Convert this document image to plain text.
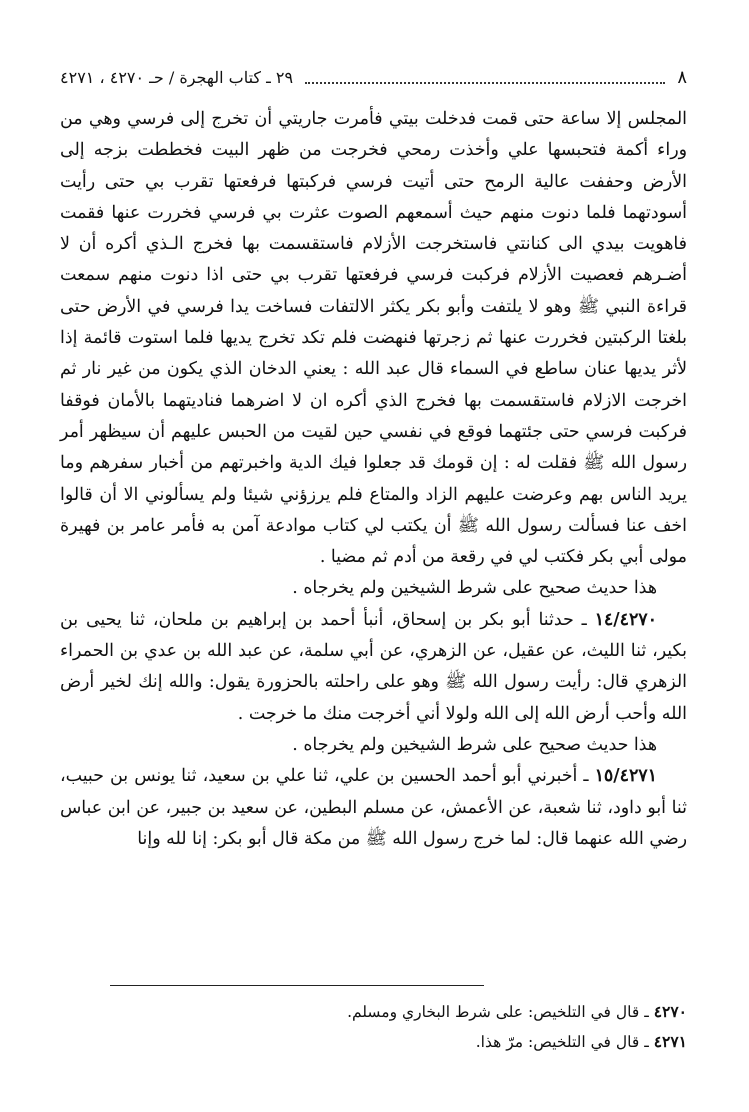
٨
٢٩ ـ كتاب الهجرة / حـ ٤٢٧٠ ، ٤٢٧١

المجلس إلا ساعة حتى قمت فدخلت بيتي فأمرت جاريتي أن تخرج إلى فرسي وهي من وراء أكمة فتحبسها علي وأخذت رمحي فخرجت من ظهر البيت فخططت بزجه إلى الأرض وحففت عالية الرمح حتى أتيت فرسي فركبتها فرفعتها تقرب بي حتى رأيت أسودتهما فلما دنوت منهم حيث أسمعهم الصوت عثرت بي فرسي فخررت عنها فقمت فاهويت بيدي الى كنانتي فاستخرجت الأزلام فاستقسمت بها فخرج الـذي أكره أن لا أضـرهم فعصيت الأزلام فركبت فرسي فرفعتها تقرب بي حتى اذا دنوت منهم سمعت قراءة النبي ﷺ وهو لا يلتفت وأبو بكر يكثر الالتفات فساخت يدا فرسي في الأرض حتى بلغتا الركبتين فخررت عنها ثم زجرتها فنهضت فلم تكد تخرج يديها فلما استوت قائمة إذا لأثر يديها عنان ساطع في السماء قال عبد الله : يعني الدخان الذي يكون من غير نار ثم اخرجت الازلام فاستقسمت بها فخرج الذي أكره ان لا اضرهما فناديتهما بالأمان فوقفا فركبت فرسي حتى جئتهما فوقع في نفسي حين لقيت من الحبس عليهم أن سيظهر أمر رسول الله ﷺ فقلت له : إن قومك قد جعلوا فيك الدية واخبرتهم من أخبار سفرهم وما يريد الناس بهم وعرضت عليهم الزاد والمتاع فلم يرزؤني شيئا ولم يسألوني الا أن قالوا اخف عنا فسألت رسول الله ﷺ أن يكتب لي كتاب موادعة آمن به فأمر عامر بن فهيرة مولى أبي بكر فكتب لي في رقعة من أدم ثم مضيا .

هذا حديث صحيح على شرط الشيخين ولم يخرجاه .

١٤/٤٢٧٠ ـ حدثنا أبو بكر بن إسحاق، أنبأ أحمد بن إبراهيم بن ملحان، ثنا يحيى بن بكير، ثنا الليث، عن عقيل، عن الزهري، عن أبي سلمة، عن عبد الله بن عدي بن الحمراء الزهري قال: رأيت رسول الله ﷺ وهو على راحلته بالحزورة يقول: والله إنك لخير أرض الله وأحب أرض الله إلى الله ولولا أني أخرجت منك ما خرجت .

هذا حديث صحيح على شرط الشيخين ولم يخرجاه .

١٥/٤٢٧١ ـ أخبرني أبو أحمد الحسين بن علي، ثنا علي بن سعيد، ثنا يونس بن حبيب، ثنا أبو داود، ثنا شعبة، عن الأعمش، عن مسلم البطين، عن سعيد بن جبير، عن ابن عباس رضي الله عنهما قال: لما خرج رسول الله ﷺ من مكة قال أبو بكر: إنا لله وإنا

٤٢٧٠ ـ قال في التلخيص: على شرط البخاري ومسلم.

٤٢٧١ ـ قال في التلخيص: مرّ هذا.
